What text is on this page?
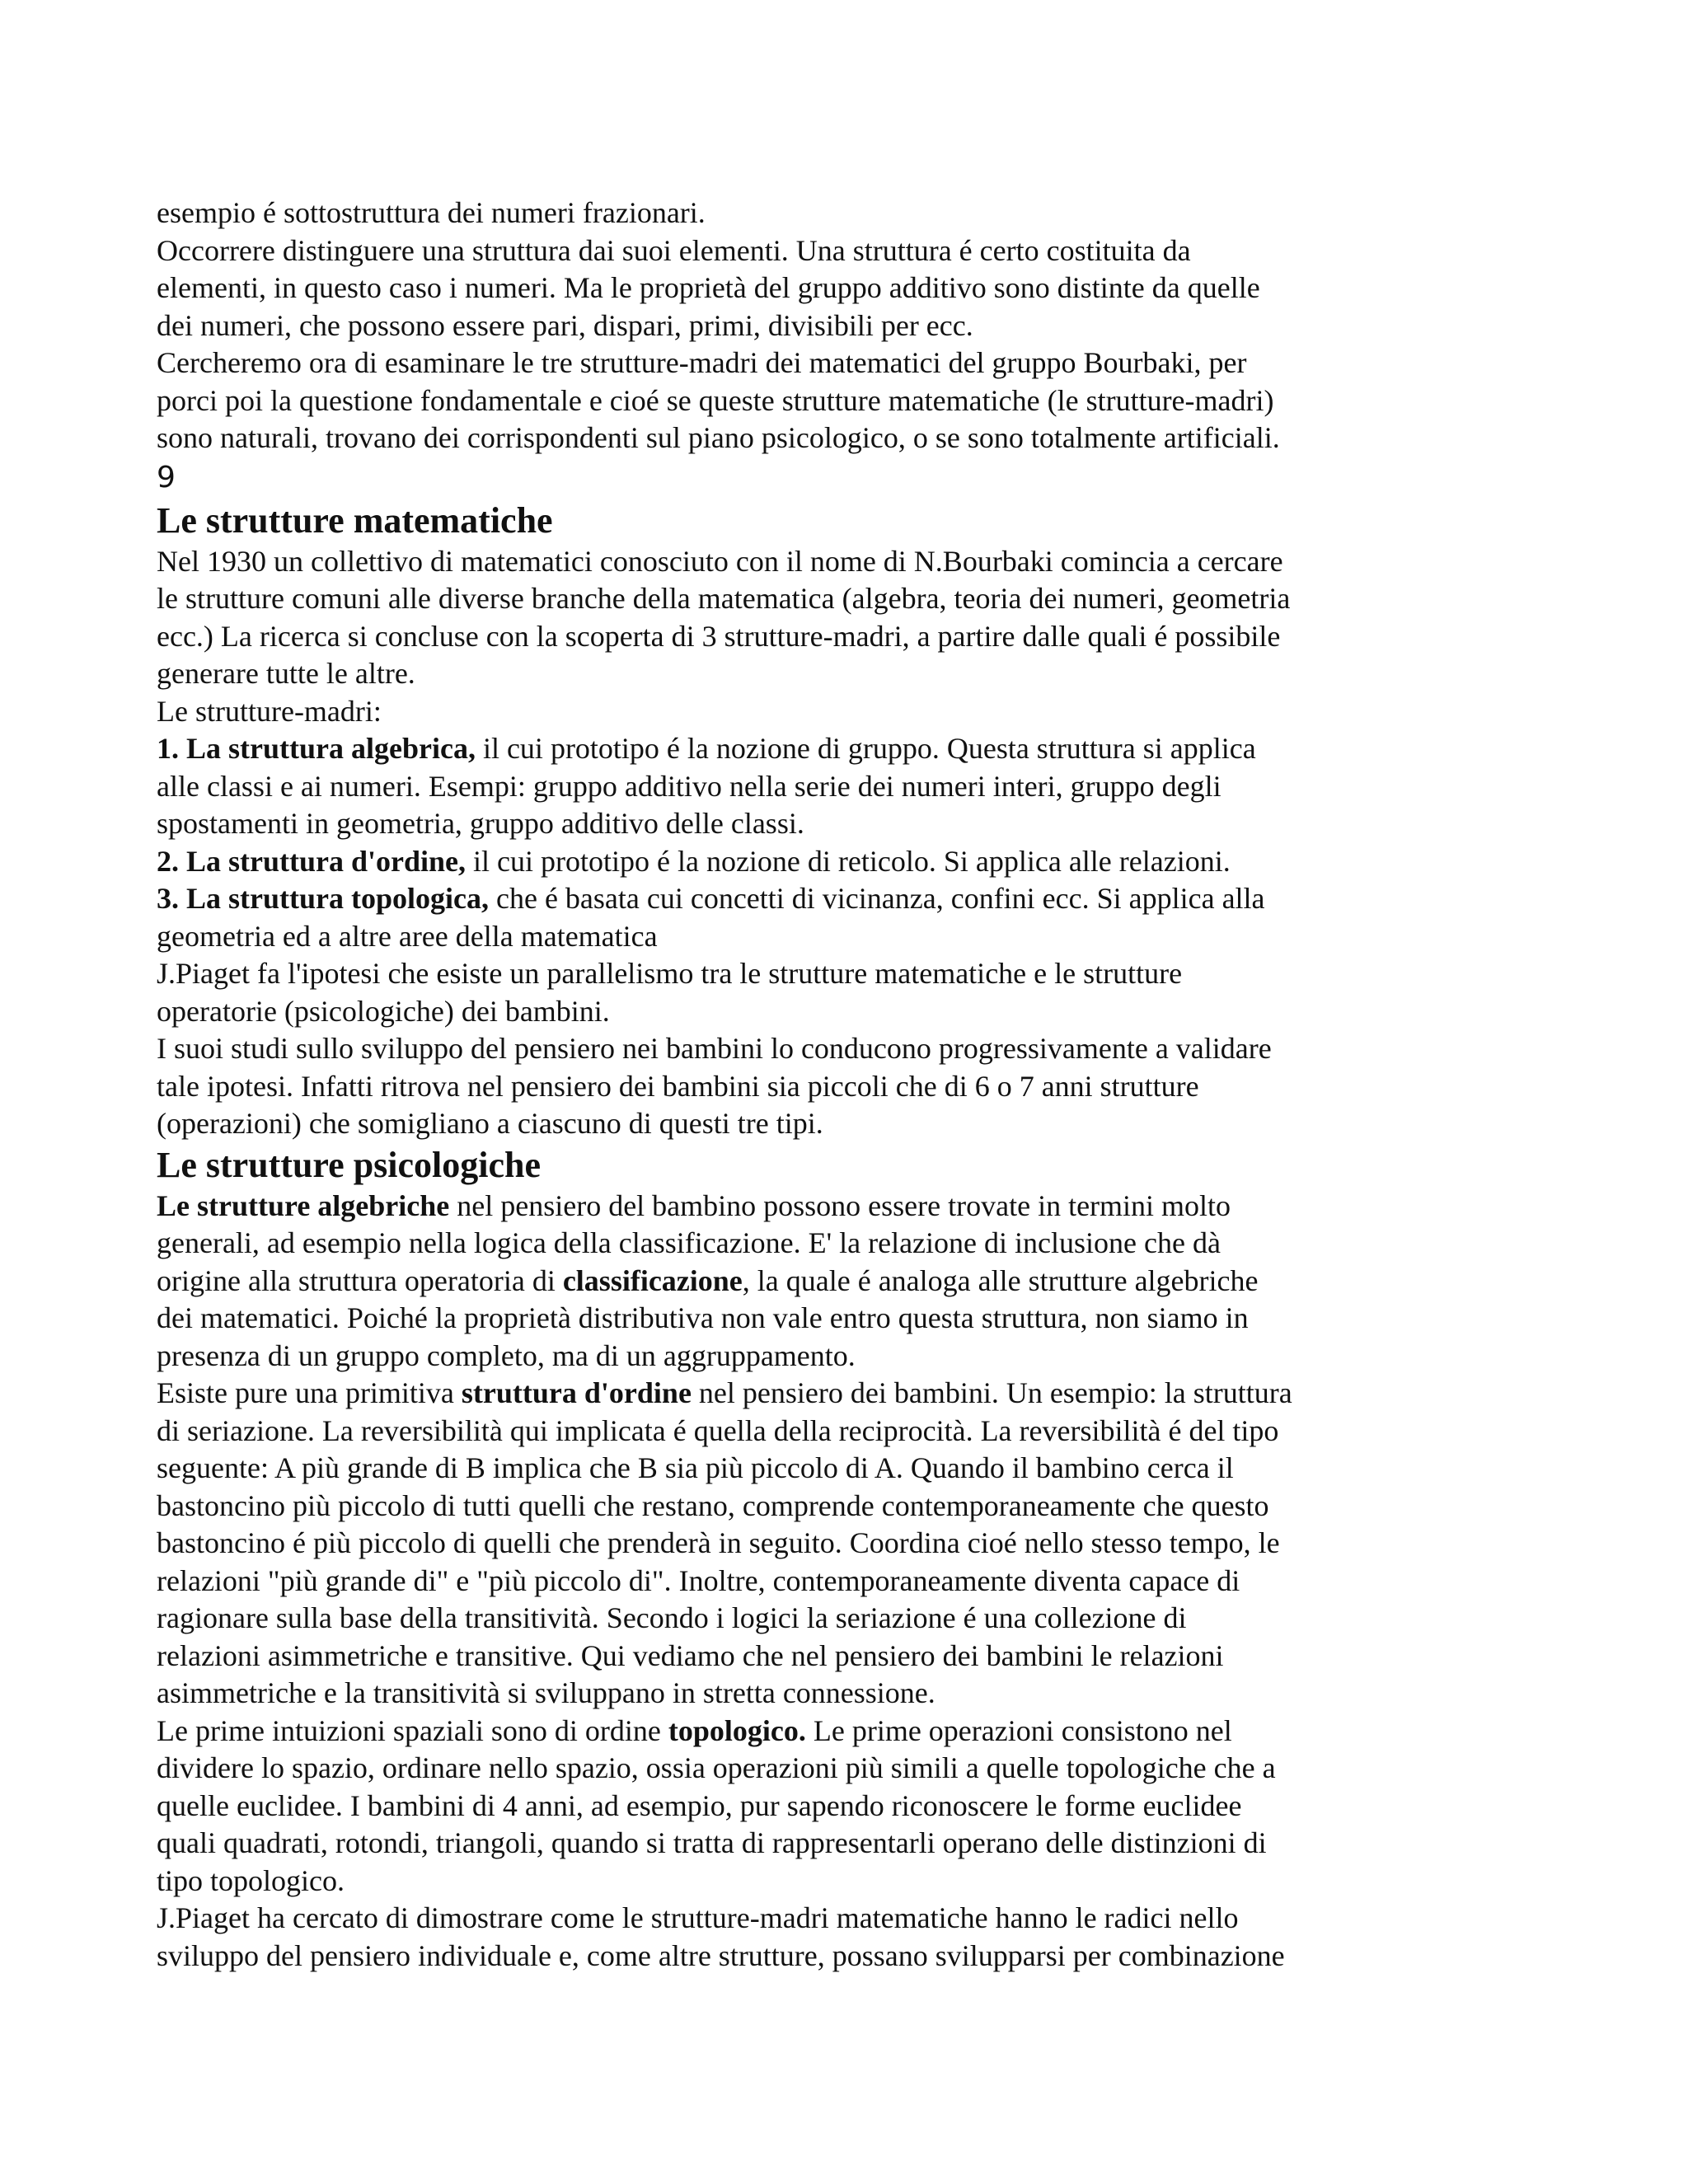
esempio é sottostruttura dei numeri frazionari.

Occorrere distinguere una struttura dai suoi elementi. Una struttura é certo costituita da

elementi, in questo caso i numeri. Ma le proprietà del gruppo additivo sono distinte da quelle

dei numeri, che possono essere pari, dispari, primi, divisibili per ecc.

Cercheremo ora di esaminare le tre strutture-madri dei matematici del gruppo Bourbaki, per

porci poi la questione fondamentale e cioé se queste strutture matematiche (le strutture-madri)

sono naturali, trovano dei corrispondenti sul piano psicologico, o se sono totalmente artificiali.

9

Le strutture matematiche

Nel 1930 un collettivo di matematici conosciuto con il nome di N.Bourbaki comincia a cercare

le strutture comuni alle diverse branche della matematica (algebra, teoria dei numeri, geometria

ecc.) La ricerca si concluse con la scoperta di 3 strutture-madri, a partire dalle quali é possibile

generare tutte le altre.

Le strutture-madri:

1. La struttura algebrica, il cui prototipo é la nozione di gruppo. Questa struttura si applica

alle classi e ai numeri. Esempi: gruppo additivo nella serie dei numeri interi, gruppo degli

spostamenti in geometria, gruppo additivo delle classi.

2. La struttura d'ordine, il cui prototipo é la nozione di reticolo. Si applica alle relazioni.

3. La struttura topologica, che é basata cui concetti di vicinanza, confini ecc. Si applica alla

geometria ed a altre aree della matematica

J.Piaget fa l'ipotesi che esiste un parallelismo tra le strutture matematiche e le strutture

operatorie (psicologiche) dei bambini.

I suoi studi sullo sviluppo del pensiero nei bambini lo conducono progressivamente a validare

tale ipotesi. Infatti ritrova nel pensiero dei bambini sia piccoli che di 6 o 7 anni strutture

(operazioni) che somigliano a ciascuno di questi tre tipi.

Le strutture psicologiche

Le strutture algebriche nel pensiero del bambino possono essere trovate in termini molto

generali, ad esempio nella logica della classificazione. E' la relazione di inclusione che dà

origine alla struttura operatoria di classificazione, la quale é analoga alle strutture algebriche

dei matematici. Poiché la proprietà distributiva non vale entro questa struttura, non siamo in

presenza di un gruppo completo, ma di un aggruppamento.

Esiste pure una primitiva struttura d'ordine nel pensiero dei bambini. Un esempio: la struttura

di seriazione. La reversibilità qui implicata é quella della reciprocità. La reversibilità é del tipo

seguente: A più grande di B implica che B sia più piccolo di A. Quando il bambino cerca il

bastoncino più piccolo di tutti quelli che restano, comprende contemporaneamente che questo

bastoncino é più piccolo di quelli che prenderà in seguito. Coordina cioé nello stesso tempo, le

relazioni "più grande di" e "più piccolo di". Inoltre, contemporaneamente diventa capace di

ragionare sulla base della transitività. Secondo i logici la seriazione é una collezione di

relazioni asimmetriche e transitive. Qui vediamo che nel pensiero dei bambini le relazioni

asimmetriche e la transitività si sviluppano in stretta connessione.

Le prime intuizioni spaziali sono di ordine topologico. Le prime operazioni consistono nel

dividere lo spazio, ordinare nello spazio, ossia operazioni più simili a quelle topologiche che a

quelle euclidee. I bambini di 4 anni, ad esempio, pur sapendo riconoscere le forme euclidee

quali quadrati, rotondi, triangoli, quando si tratta di rappresentarli operano delle distinzioni di

tipo topologico.

J.Piaget ha cercato di dimostrare come le strutture-madri matematiche hanno le radici nello

sviluppo del pensiero individuale e, come altre strutture, possano svilupparsi per combinazione
